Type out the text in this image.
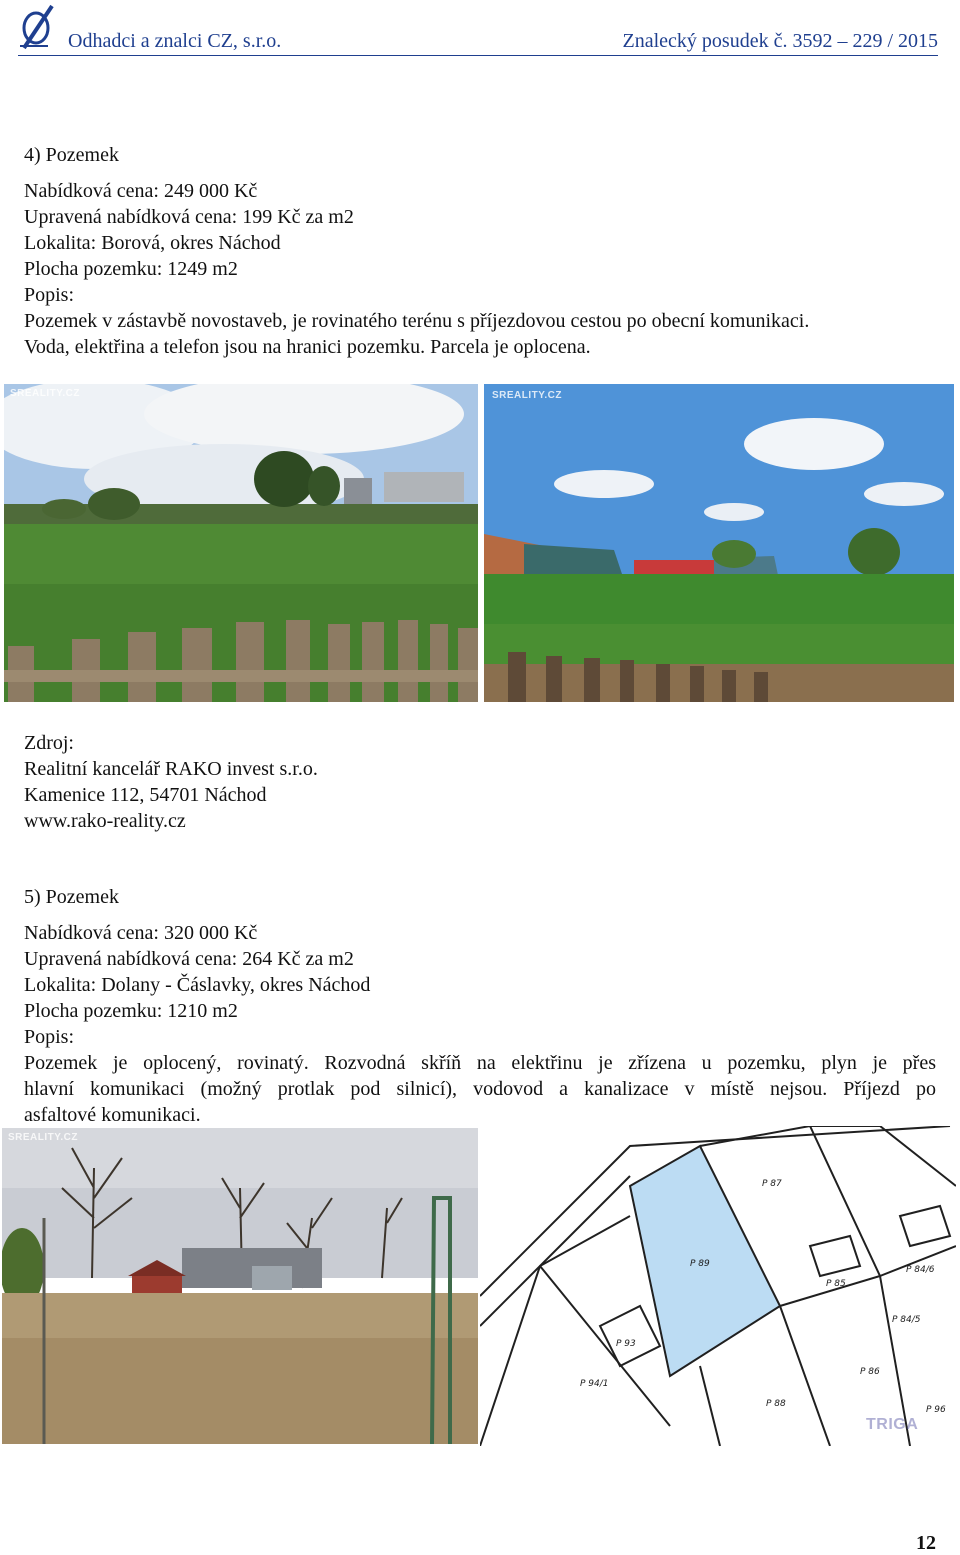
Odhadci a znalci CZ, s.r.o.	Znalecký posudek č. 3592 – 229 / 2015
4) Pozemek
Nabídková cena: 249 000 Kč
Upravená nabídková cena: 199 Kč za m2
Lokalita: Borová, okres Náchod
Plocha pozemku: 1249 m2
Popis:
Pozemek v zástavbě novostaveb, je rovinatého terénu s příjezdovou cestou po obecní komunikaci.
Voda, elektřina a telefon jsou na hranici pozemku. Parcela je oplocena.
SREALITY.CZ	SREALITY.CZ
Zdroj:
Realitní kancelář RAKO invest s.r.o.
Kamenice 112, 54701 Náchod
www.rako-reality.cz
5) Pozemek
Nabídková cena: 320 000 Kč
Upravená nabídková cena: 264 Kč za m2
Lokalita: Dolany - Čáslavky, okres Náchod
Plocha pozemku: 1210 m2
Popis:
Pozemek je oplocený, rovinatý. Rozvodná skříň na elektřinu je zřízena u pozemku, plyn je přes
hlavní komunikaci (možný protlak pod silnicí), vodovod a kanalizace v místě nejsou. Příjezd po
asfaltové komunikaci.
SREALITY.CZ
P 87
P 89
P 85
P 84/6
P 84/5
P 93
P 86
P 94/1
P 88
P 96
TRIGA
12
